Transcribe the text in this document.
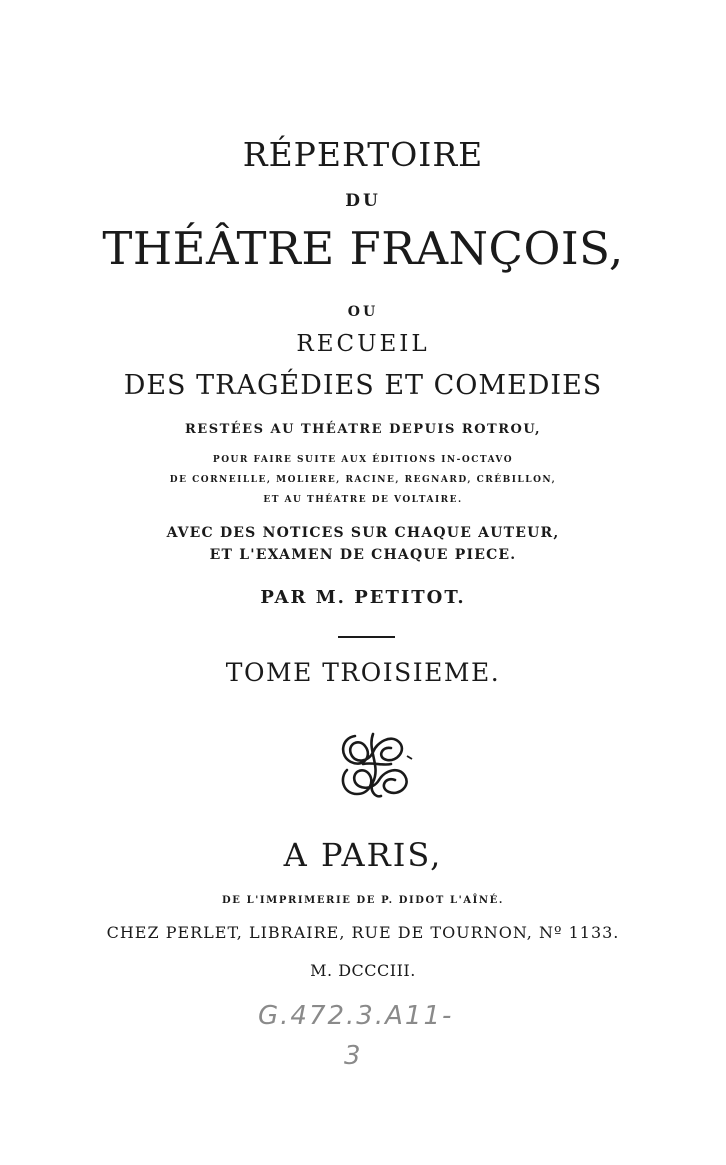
RÉPERTOIRE
DU
THÉÂTRE FRANÇOIS,
OU
RECUEIL
DES TRAGÉDIES ET COMEDIES
RESTÉES AU THÉATRE DEPUIS ROTROU,
POUR FAIRE SUITE AUX ÉDITIONS IN-OCTAVO
DE CORNEILLE, MOLIERE, RACINE, REGNARD, CRÉBILLON,
ET AU THÉATRE DE VOLTAIRE.
AVEC DES NOTICES SUR CHAQUE AUTEUR,
ET L'EXAMEN DE CHAQUE PIECE.
PAR M. PETITOT.
TOME TROISIEME.
A PARIS,
DE L'IMPRIMERIE DE P. DIDOT L'AÎNÉ.
CHEZ PERLET, LIBRAIRE, RUE DE TOURNON, Nº 1133.
M. DCCCIII.
G.472.3.A11-
3
